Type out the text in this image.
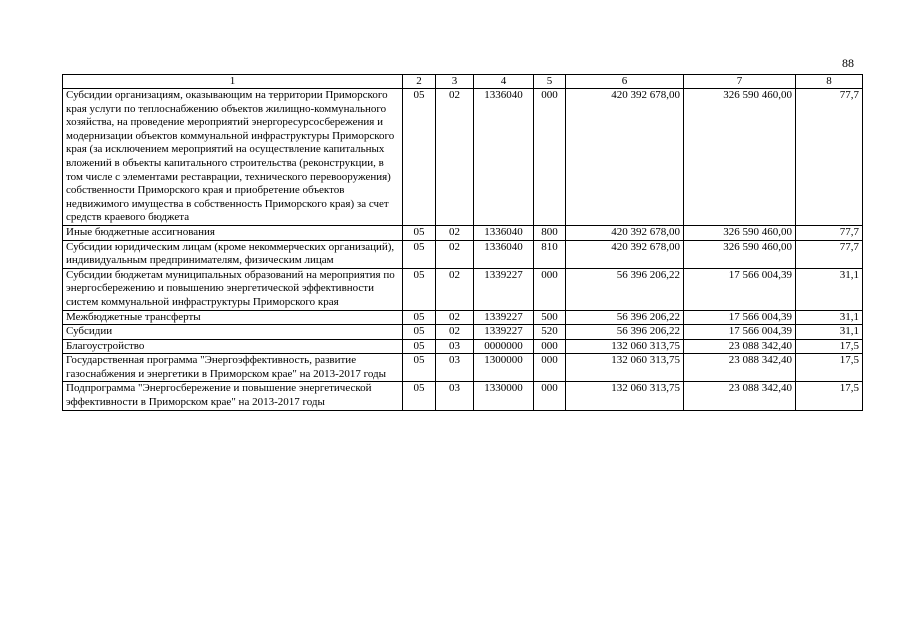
88
1	2	3	4	5	6	7	8
Субсидии организациям, оказывающим на территории Приморского края услуги по теплоснабжению объектов жилищно-коммунального хозяйства, на проведение мероприятий энергоресурсосбережения и модернизации объектов коммунальной инфраструктуры Приморского края (за исключением мероприятий на осуществление капитальных вложений в объекты капитального строительства (реконструкции, в том числе с элементами реставрации, технического перевооружения) собственности Приморского края и приобретение объектов недвижимого имущества в собственность Приморского края) за счет средств краевого бюджета	05	02	1336040	000	420 392 678,00	326 590 460,00	77,7
Иные бюджетные ассигнования	05	02	1336040	800	420 392 678,00	326 590 460,00	77,7
Субсидии юридическим лицам (кроме некоммерческих организаций), индивидуальным предпринимателям, физическим лицам	05	02	1336040	810	420 392 678,00	326 590 460,00	77,7
Субсидии бюджетам муниципальных образований на мероприятия по энергосбережению и повышению энергетической эффективности систем коммунальной инфраструктуры Приморского края	05	02	1339227	000	56 396 206,22	17 566 004,39	31,1
Межбюджетные трансферты	05	02	1339227	500	56 396 206,22	17 566 004,39	31,1
Субсидии	05	02	1339227	520	56 396 206,22	17 566 004,39	31,1
Благоустройство	05	03	0000000	000	132 060 313,75	23 088 342,40	17,5
Государственная программа "Энергоэффективность, развитие газоснабжения и энергетики в Приморском крае" на 2013-2017 годы	05	03	1300000	000	132 060 313,75	23 088 342,40	17,5
Подпрограмма "Энергосбережение и повышение энергетической эффективности в Приморском крае" на 2013-2017 годы	05	03	1330000	000	132 060 313,75	23 088 342,40	17,5
